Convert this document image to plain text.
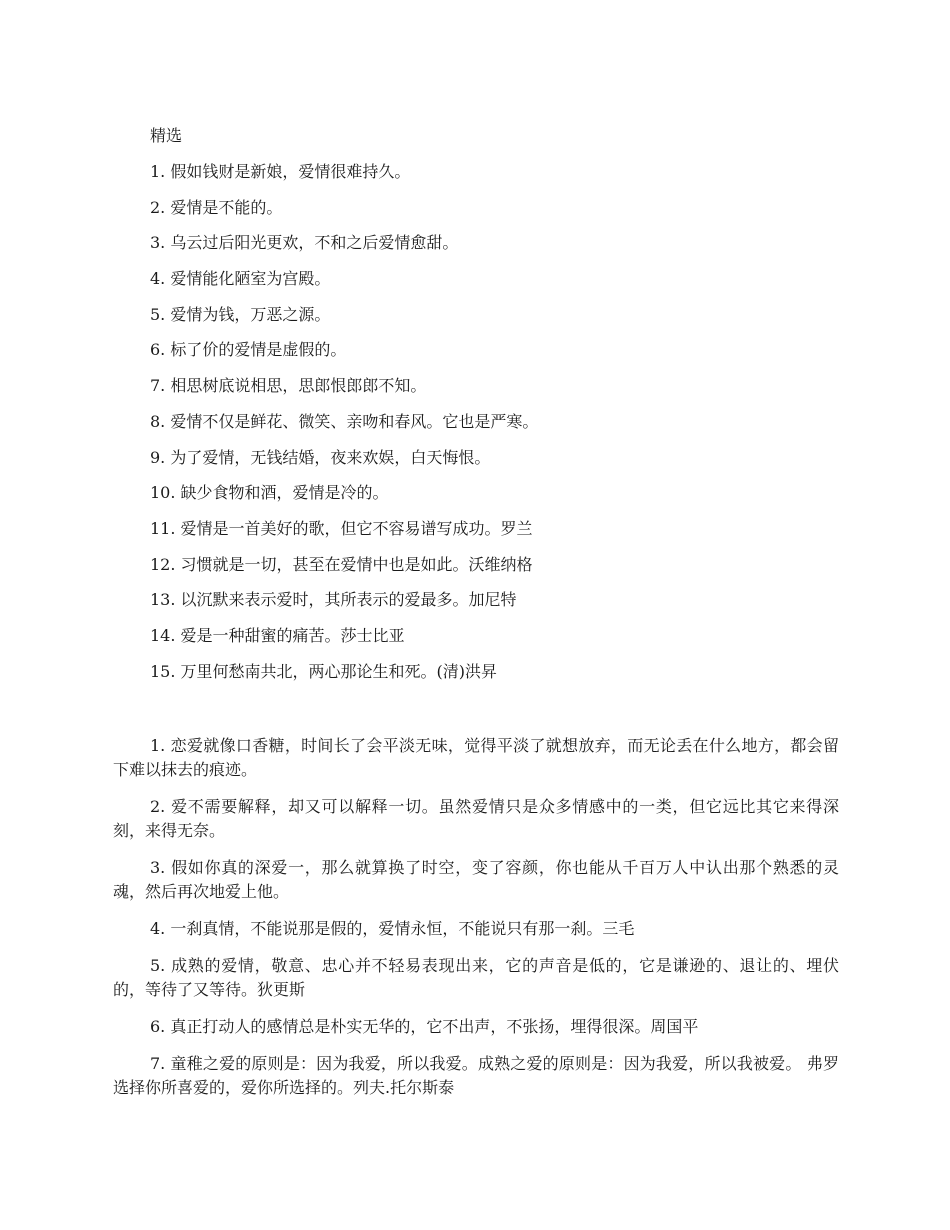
精选
1. 假如钱财是新娘，爱情很难持久。
2. 爱情是不能的。
3. 乌云过后阳光更欢，不和之后爱情愈甜。
4. 爱情能化陋室为宫殿。
5. 爱情为钱，万恶之源。
6. 标了价的爱情是虚假的。
7. 相思树底说相思，思郎恨郎郎不知。
8. 爱情不仅是鲜花、微笑、亲吻和春风。它也是严寒。
9. 为了爱情，无钱结婚，夜来欢娱，白天悔恨。
10. 缺少食物和酒，爱情是冷的。
11. 爱情是一首美好的歌，但它不容易谱写成功。罗兰
12. 习惯就是一切，甚至在爱情中也是如此。沃维纳格
13. 以沉默来表示爱时，其所表示的爱最多。加尼特
14. 爱是一种甜蜜的痛苦。莎士比亚
15. 万里何愁南共北，两心那论生和死。(清)洪昇

1. 恋爱就像口香糖，时间长了会平淡无味，觉得平淡了就想放弃，而无论丢在什么地方，都会留下难以抹去的痕迹。

2. 爱不需要解释，却又可以解释一切。虽然爱情只是众多情感中的一类，但它远比其它来得深刻，来得无奈。

3. 假如你真的深爱一，那么就算换了时空，变了容颜，你也能从千百万人中认出那个熟悉的灵魂，然后再次地爱上他。

4. 一刹真情，不能说那是假的，爱情永恒，不能说只有那一刹。三毛

5. 成熟的爱情，敬意、忠心并不轻易表现出来，它的声音是低的，它是谦逊的、退让的、埋伏的，等待了又等待。狄更斯

6. 真正打动人的感情总是朴实无华的，它不出声，不张扬，埋得很深。周国平

7. 童稚之爱的原则是：因为我爱，所以我爱。成熟之爱的原则是：因为我爱，所以我被爱。 弗罗 选择你所喜爱的，爱你所选择的。列夫.托尔斯泰
